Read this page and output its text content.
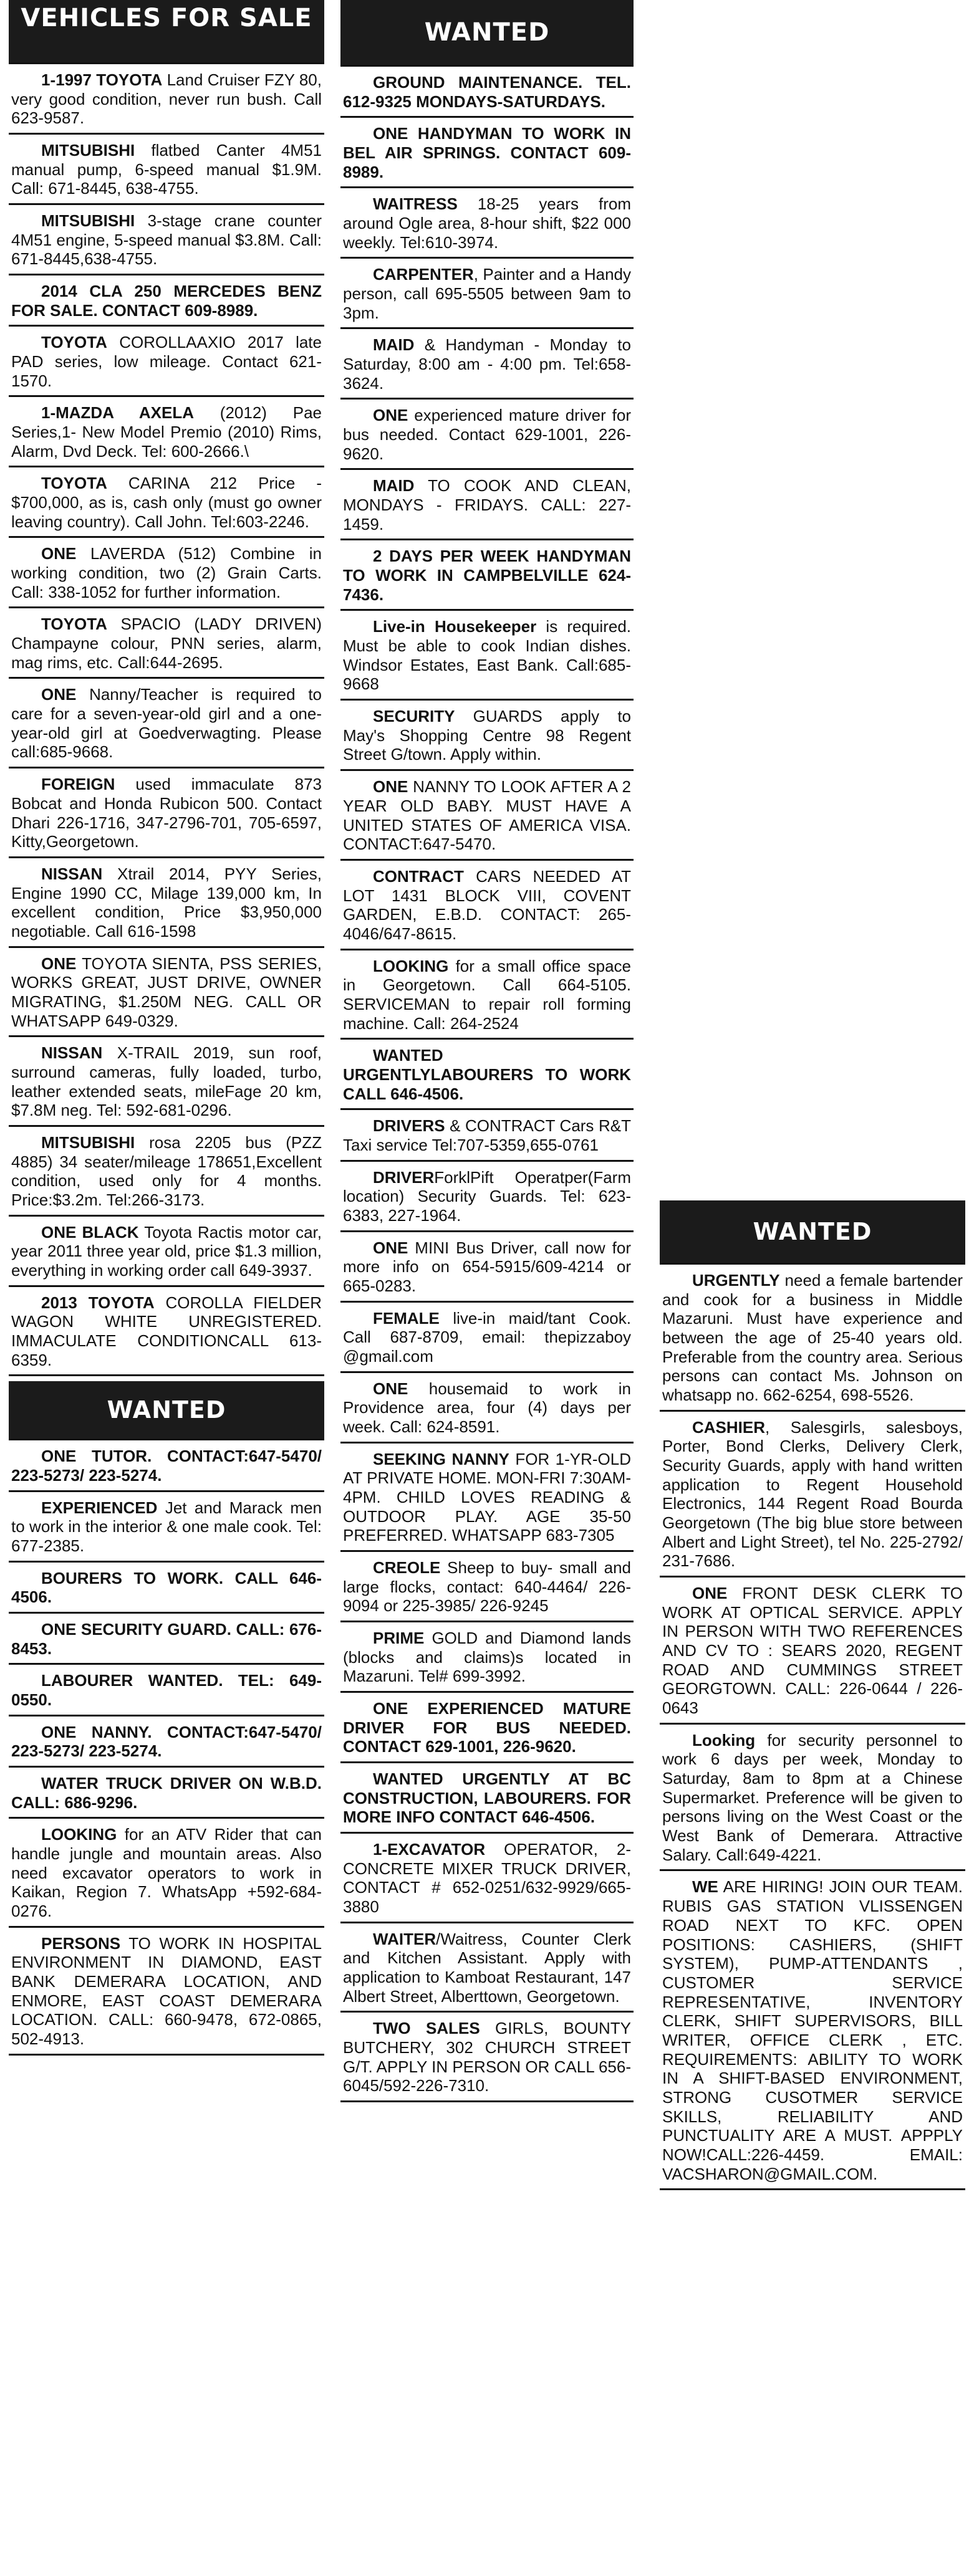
VEHICLES FOR SALE

1-1997 TOYOTA Land Cruiser FZY 80, very good condition, never run bush. Call 623-9587.

MITSUBISHI flatbed Canter 4M51 manual pump, 6-speed manual $1.9M. Call: 671-8445, 638-4755.

MITSUBISHI 3-stage crane counter 4M51 engine, 5-speed manual $3.8M. Call: 671-8445,638-4755.

2014 CLA 250 MERCEDES BENZ FOR SALE. CONTACT 609-8989.

TOYOTA COROLLAAXIO 2017 late PAD series, low mileage. Contact 621-1570.

1-MAZDA AXELA (2012) Pae Series,1- New Model Premio (2010) Rims, Alarm, Dvd Deck. Tel: 600-2666.\

TOYOTA CARINA 212 Price - $700,000, as is, cash only (must go owner leaving country). Call John. Tel:603-2246.

ONE LAVERDA (512) Combine in working condition, two (2) Grain Carts. Call: 338-1052 for further information.

TOYOTA SPACIO (LADY DRIVEN) Champayne colour, PNN series, alarm, mag rims, etc. Call:644-2695.

ONE Nanny/Teacher is required to care for a seven-year-old girl and a one-year-old girl at Goedverwagting. Please call:685-9668.

FOREIGN used immaculate 873 Bobcat and Honda Rubicon 500. Contact Dhari 226-1716, 347-2796-701, 705-6597, Kitty,Georgetown.

NISSAN Xtrail 2014, PYY Series, Engine 1990 CC, Milage 139,000 km, In excellent condition, Price $3,950,000 negotiable. Call 616-1598

ONE TOYOTA SIENTA, PSS SERIES, WORKS GREAT, JUST DRIVE, OWNER MIGRATING, $1.250M NEG. CALL OR WHATSAPP 649-0329.

NISSAN X-TRAIL 2019, sun roof, surround cameras, fully loaded, turbo, leather extended seats, mileFage 20 km, $7.8M neg. Tel: 592-681-0296.

MITSUBISHI rosa 2205 bus (PZZ 4885) 34 seater/mileage 178651,Excellent condition, used only for 4 months. Price:$3.2m. Tel:266-3173.

ONE BLACK Toyota Ractis motor car, year 2011 three year old, price $1.3 million, everything in working order call 649-3937.

2013 TOYOTA COROLLA FIELDER WAGON WHITE UNREGISTERED. IMMACULATE CONDITIONCALL 613-6359.

WANTED

ONE TUTOR. CONTACT:647-5470/ 223-5273/ 223-5274.

EXPERIENCED Jet and Marack men to work in the interior & one male cook. Tel: 677-2385.

BOURERS TO WORK. CALL 646-4506.

ONE SECURITY GUARD. CALL: 676-8453.

LABOURER WANTED. TEL: 649-0550.

ONE NANNY. CONTACT:647-5470/ 223-5273/ 223-5274.

WATER TRUCK DRIVER ON W.B.D. CALL: 686-9296.

LOOKING for an ATV Rider that can handle jungle and mountain areas. Also need excavator operators to work in Kaikan, Region 7. WhatsApp +592-684-0276.

PERSONS TO WORK IN HOSPITAL ENVIRONMENT IN DIAMOND, EAST BANK DEMERARA LOCATION, AND ENMORE, EAST COAST DEMERARA LOCATION. CALL: 660-9478, 672-0865, 502-4913.

WANTED

GROUND MAINTENANCE. TEL. 612-9325 MONDAYS-SATURDAYS.

ONE HANDYMAN TO WORK IN BEL AIR SPRINGS. CONTACT 609-8989.

WAITRESS 18-25 years from around Ogle area, 8-hour shift, $22 000 weekly. Tel:610-3974.

CARPENTER, Painter and a Handy person, call 695-5505 between 9am to 3pm.

MAID & Handyman - Monday to Saturday, 8:00 am - 4:00 pm. Tel:658-3624.

ONE experienced mature driver for bus needed. Contact 629-1001, 226-9620.

MAID TO COOK AND CLEAN, MONDAYS - FRIDAYS. CALL: 227-1459.

2 DAYS PER WEEK HANDYMAN TO WORK IN CAMPBELVILLE 624-7436.

Live-in Housekeeper is required. Must be able to cook Indian dishes. Windsor Estates, East Bank. Call:685-9668

SECURITY GUARDS apply to May's Shopping Centre 98 Regent Street G/town. Apply within.

ONE NANNY TO LOOK AFTER A 2 YEAR OLD BABY. MUST HAVE A UNITED STATES OF AMERICA VISA. CONTACT:647-5470.

CONTRACT CARS NEEDED AT LOT 1431 BLOCK VIII, COVENT GARDEN, E.B.D. CONTACT: 265-4046/647-8615.

LOOKING for a small office space in Georgetown. Call 664-5105. SERVICEMAN to repair roll forming machine. Call: 264-2524

WANTED URGENTLYLABOURERS TO WORK CALL 646-4506.

DRIVERS & CONTRACT Cars R&T Taxi service Tel:707-5359,655-0761

DRIVERForklPift Operatper(Farm location) Security Guards. Tel: 623-6383, 227-1964.

ONE MINI Bus Driver, call now for more info on 654-5915/609-4214 or 665-0283.

FEMALE live-in maid/tant Cook. Call 687-8709, email: thepizzaboy @gmail.com

ONE housemaid to work in Providence area, four (4) days per week. Call: 624-8591.

SEEKING NANNY FOR 1-YR-OLD AT PRIVATE HOME. MON-FRI 7:30AM-4PM. CHILD LOVES READING & OUTDOOR PLAY. AGE 35-50 PREFERRED. WHATSAPP 683-7305

CREOLE Sheep to buy- small and large flocks, contact: 640-4464/ 226-9094 or 225-3985/ 226-9245

PRIME GOLD and Diamond lands (blocks and claims)s located in Mazaruni. Tel# 699-3992.

ONE EXPERIENCED MATURE DRIVER FOR BUS NEEDED. CONTACT 629-1001, 226-9620.

WANTED URGENTLY AT BC CONSTRUCTION, LABOURERS. FOR MORE INFO CONTACT 646-4506.

1-EXCAVATOR OPERATOR, 2- CONCRETE MIXER TRUCK DRIVER, CONTACT # 652-0251/632-9929/665-3880

WAITER/Waitress, Counter Clerk and Kitchen Assistant. Apply with application to Kamboat Restaurant, 147 Albert Street, Alberttown, Georgetown.

TWO SALES GIRLS, BOUNTY BUTCHERY, 302 CHURCH STREET G/T. APPLY IN PERSON OR CALL 656-6045/592-226-7310.

WANTED

URGENTLY need a female bartender and cook for a business in Middle Mazaruni. Must have experience and between the age of 25-40 years old. Preferable from the country area. Serious persons can contact Ms. Johnson on whatsapp no. 662-6254, 698-5526.

CASHIER, Salesgirls, salesboys, Porter, Bond Clerks, Delivery Clerk, Security Guards, apply with hand written application to Regent Household Electronics, 144 Regent Road Bourda Georgetown (The big blue store between Albert and Light Street), tel No. 225-2792/ 231-7686.

ONE FRONT DESK CLERK TO WORK AT OPTICAL SERVICE. APPLY IN PERSON WITH TWO REFERENCES AND CV TO : SEARS 2020, REGENT ROAD AND CUMMINGS STREET GEORGTOWN. CALL: 226-0644 / 226-0643

Looking for security personnel to work 6 days per week, Monday to Saturday, 8am to 8pm at a Chinese Supermarket. Preference will be given to persons living on the West Coast or the West Bank of Demerara. Attractive Salary. Call:649-4221.

WE ARE HIRING! JOIN OUR TEAM. RUBIS GAS STATION VLISSENGEN ROAD NEXT TO KFC. OPEN POSITIONS: CASHIERS, (SHIFT SYSTEM), PUMP-ATTENDANTS , CUSTOMER SERVICE REPRESENTATIVE, INVENTORY CLERK, SHIFT SUPERVISORS, BILL WRITER, OFFICE CLERK , ETC. REQUIREMENTS: ABILITY TO WORK IN A SHIFT-BASED ENVIRONMENT, STRONG CUSOTMER SERVICE SKILLS, RELIABILITY AND PUNCTUALITY ARE A MUST. APPPLY NOW!CALL:226-4459. EMAIL: VACSHARON@GMAIL.COM.
